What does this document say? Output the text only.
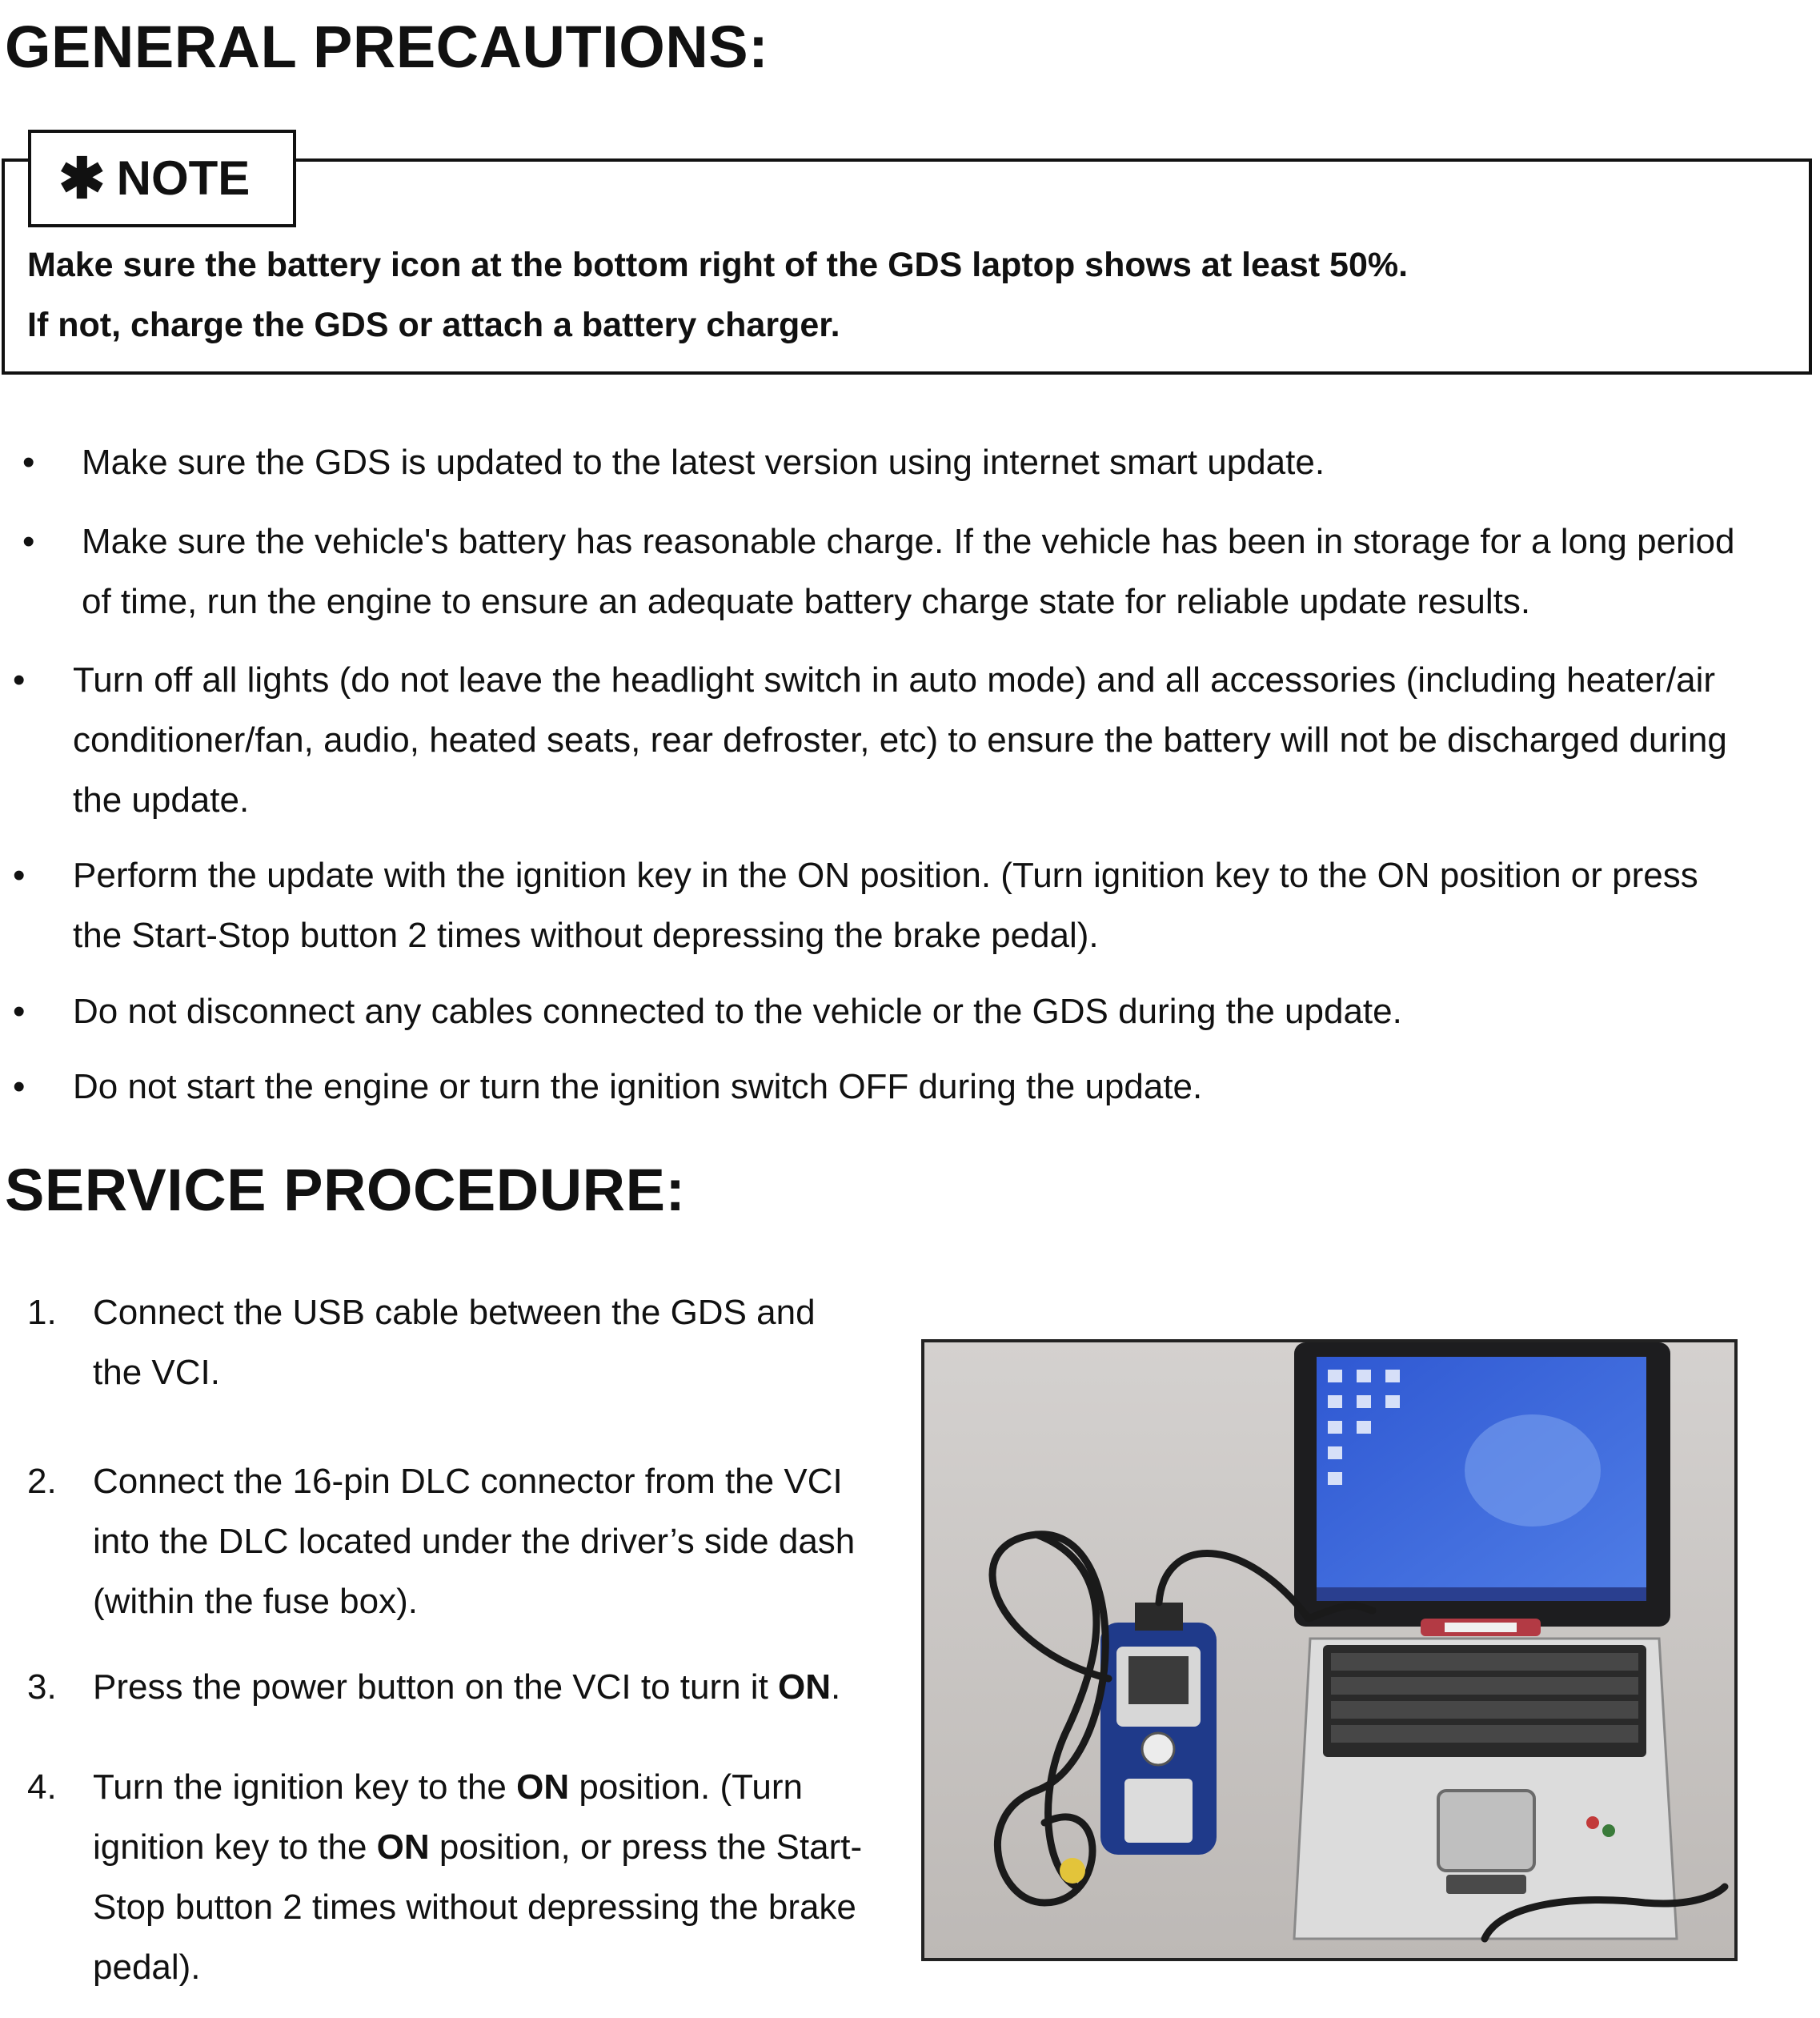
GENERAL PRECAUTIONS:
✱ NOTE
Make sure the battery icon at the bottom right of the GDS laptop shows at least 50%.
If not, charge the GDS or attach a battery charger.
• Make sure the GDS is updated to the latest version using internet smart update.
• Make sure the vehicle's battery has reasonable charge. If the vehicle has been in storage for a long period
of time, run the engine to ensure an adequate battery charge state for reliable update results.
• Turn off all lights (do not leave the headlight switch in auto mode) and all accessories (including heater/air
conditioner/fan, audio, heated seats, rear defroster, etc) to ensure the battery will not be discharged during
the update.
• Perform the update with the ignition key in the ON position. (Turn ignition key to the ON position or press
the Start-Stop button 2 times without depressing the brake pedal).
• Do not disconnect any cables connected to the vehicle or the GDS during the update.
• Do not start the engine or turn the ignition switch OFF during the update.
SERVICE PROCEDURE:
1. Connect the USB cable between the GDS and
the VCI.
2. Connect the 16-pin DLC connector from the VCI
into the DLC located under the driver’s side dash
(within the fuse box).
3. Press the power button on the VCI to turn it ON.
4. Turn the ignition key to the ON position. (Turn
ignition key to the ON position, or press the Start-
Stop button 2 times without depressing the brake
pedal).
